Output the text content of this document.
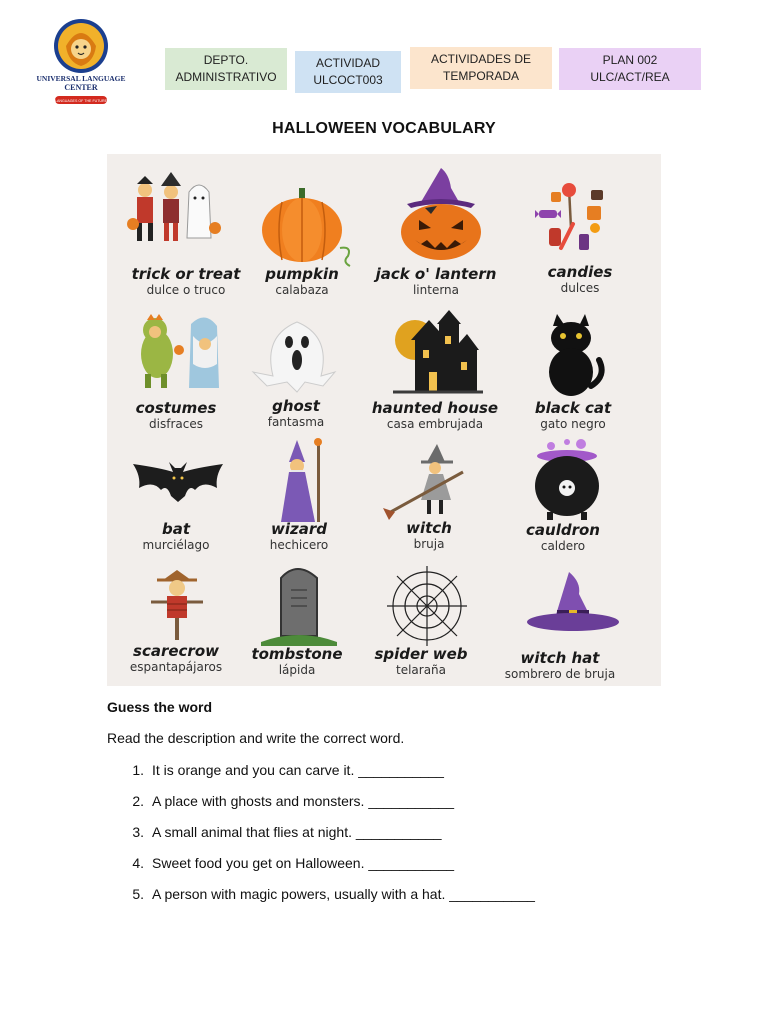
UNIVERSAL LANGUAGE
CENTER
LANGUAGES OF THE FUTURE
DEPTO.
ADMINISTRATIVO
ACTIVIDAD
ULCOCT003
ACTIVIDADES DE
TEMPORADA
PLAN 002
ULC/ACT/REA
HALLOWEEN VOCABULARY
trick or treat
dulce o truco
pumpkin
calabaza
jack o' lantern
linterna
candies
dulces
costumes
disfraces
ghost
fantasma
haunted house
casa embrujada
black cat
gato negro
bat
murciélago
wizard
hechicero
witch
bruja
cauldron
caldero
scarecrow
espantapájaros
tombstone
lápida
spider web
telaraña
witch hat
sombrero de bruja
Guess the word
Read the description and write the correct word.
1. It is orange and you can carve it. ___________
2. A place with ghosts and monsters. ___________
3. A small animal that flies at night. ___________
4. Sweet food you get on Halloween. ___________
5. A person with magic powers, usually with a hat. ___________
